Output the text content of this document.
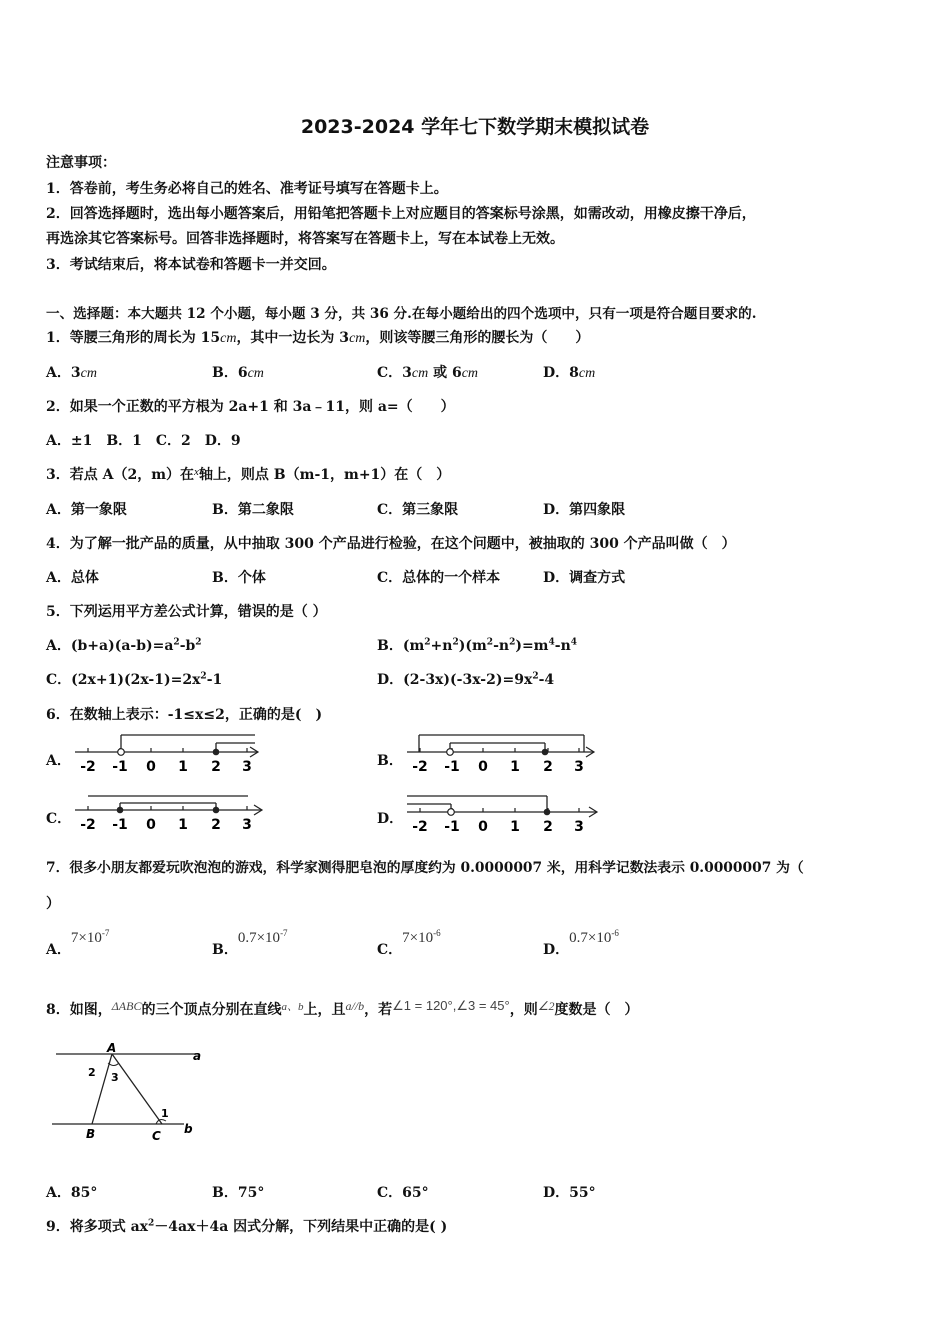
2023-2024 学年七下数学期末模拟试卷
注意事项：
1．答卷前，考生务必将自己的姓名、准考证号填写在答题卡上。
2．回答选择题时，选出每小题答案后，用铅笔把答题卡上对应题目的答案标号涂黑，如需改动，用橡皮擦干净后，
再选涂其它答案标号。回答非选择题时，将答案写在答题卡上，写在本试卷上无效。
3．考试结束后，将本试卷和答题卡一并交回。
一、选择题：本大题共 12 个小题，每小题 3 分，共 36 分.在每小题给出的四个选项中，只有一项是符合题目要求的.
1．等腰三角形的周长为 15cm，其中一边长为 3cm，则该等腰三角形的腰长为（　　）
A．3cm	B．6cm	C．3cm 或 6cm	D．8cm
2．如果一个正数的平方根为 2a+1 和 3a﹣11，则 a=（　　）
A．±1　B．1　C．2　D．9
3．若点 A（2，m）在$^x$轴上，则点 B（m-1，m+1）在（　）
A．第一象限	B．第二象限	C．第三象限	D．第四象限
4．为了解一批产品的质量，从中抽取 300 个产品进行检验，在这个问题中，被抽取的 300 个产品叫做（　）
A．总体	B．个体	C．总体的一个样本	D．调查方式
5．下列运用平方差公式计算，错误的是（ ）
A．$(b+a)(a-b)=a^2-b^2$	B．$(m^2+n^2)(m^2-n^2)=m^4-n^4$
C．$(2x+1)(2x-1)=2x^2-1$	D．$(2-3x)(-3x-2)=9x^2-4$
6．在数轴上表示：-1≤x≤2，正确的是(　)
A． -2 -1 0 1 2 3	B． -2 -1 0 1 2 3
C． -2 -1 0 1 2 3	D． -2 -1 0 1 2 3
7．很多小朋友都爱玩吹泡泡的游戏，科学家测得肥皂泡的厚度约为 0.0000007 米，用科学记数法表示 0.0000007 为（
）
A．$7\times 10^{-7}$
B．$0.7\times 10^{-7}$
C．$7\times 10^{-6}$
D．$0.7\times 10^{-6}$
8．如图，ΔABC的三个顶点分别在直线$^{a、b}$上，且a//b，若∠1 = 120°,∠3 = 45°，则∠2度数是（　）
A
B	C
a
b
2 3
1
A．85°	B．75°	C．65°	D．55°
9．将多项式 $ax^2-4ax+4a$ 因式分解，下列结果中正确的是( )
